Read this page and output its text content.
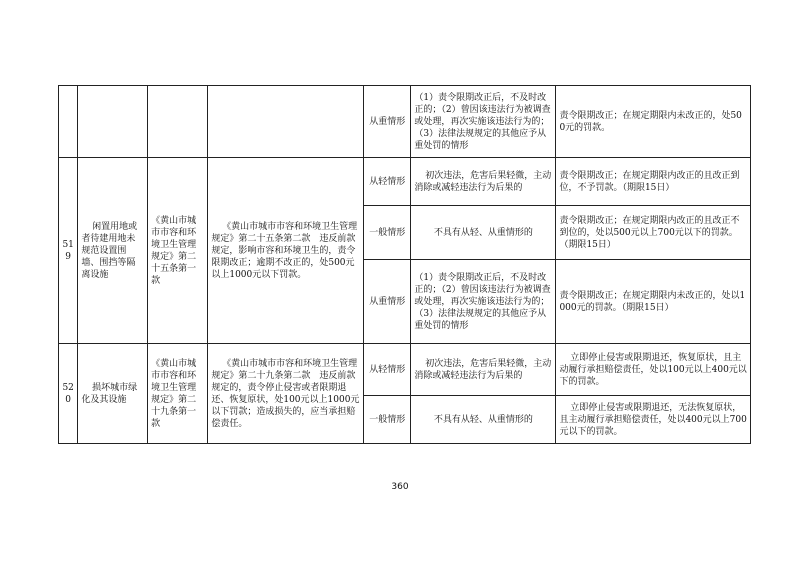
				从重情形	（1）责令限期改正后，不及时改正的；（2）曾因该违法行为被调查或处理，再次实施该违法行为的；（3）法律法规规定的其他应予从重处罚的情形	责令限期改正；在规定期限内未改正的，处500元的罚款。
519	闲置用地或者待建用地未规范设置围墙、围挡等隔离设施	《黄山市城市市容和环境卫生管理规定》第二十五条第一款	《黄山市城市市容和环境卫生管理规定》第二十五条第二款　违反前款规定，影响市容和环境卫生的，责令限期改正；逾期不改正的，处500元以上1000元以下罚款。	从轻情形	初次违法，危害后果轻微，主动消除或减轻违法行为后果的	责令限期改正；在规定期限内改正的且改正到位，不予罚款。（期限15日）
				一般情形	不具有从轻、从重情形的	责令限期改正；在规定期限内改正的且改正不到位的，处以500元以上700元以下的罚款。（期限15日）
				从重情形	（1）责令限期改正后，不及时改正的；（2）曾因该违法行为被调查或处理，再次实施该违法行为的；（3）法律法规规定的其他应予从重处罚的情形	责令限期改正；在规定期限内未改正的，处以1000元的罚款。（期限15日）
520	损坏城市绿化及其设施	《黄山市城市市容和环境卫生管理规定》第二十九条第一款	《黄山市城市市容和环境卫生管理规定》第二十九条第二款　违反前款规定的，责令停止侵害或者限期退还、恢复原状，处100元以上1000元以下罚款；造成损失的，应当承担赔偿责任。	从轻情形	初次违法，危害后果轻微，主动消除或减轻违法行为后果的	立即停止侵害或限期退还，恢复原状，且主动履行承担赔偿责任，处以100元以上400元以下的罚款。
				一般情形	不具有从轻、从重情形的	立即停止侵害或限期退还，无法恢复原状，且主动履行承担赔偿责任，处以400元以上700元以下的罚款。
360
